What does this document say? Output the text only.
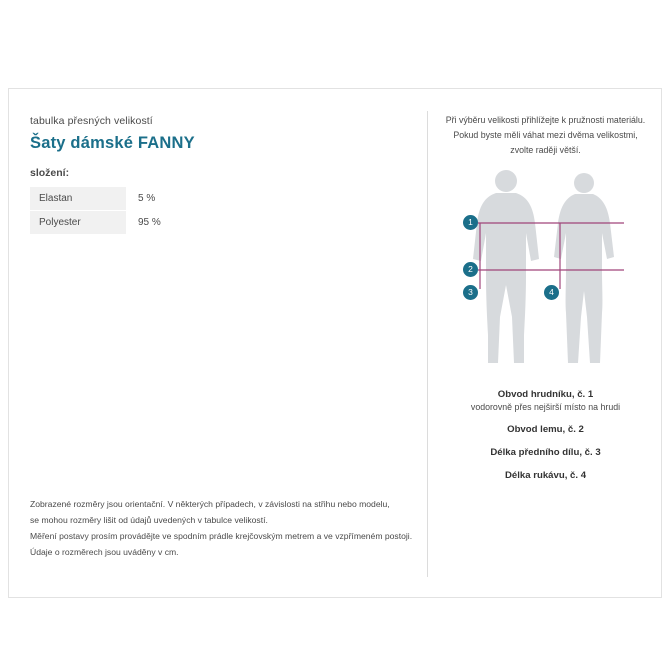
tabulka přesných velikostí
Šaty dámské FANNY
složení:
Elastan	5 %
Polyester	95 %
Zobrazené rozměry jsou orientační. V některých případech, v závislosti na střihu nebo modelu,
se mohou rozměry lišit od údajů uvedených v tabulce velikostí.
Měření postavy prosím provádějte ve spodním prádle krejčovským metrem a ve vzpřímeném postoji.
Údaje o rozměrech jsou uváděny v cm.
Při výběru velikosti přihlížejte k pružnosti materiálu.
Pokud byste měli váhat mezi dvěma velikostmi,
zvolte raději větší.
1
2
3	4
Obvod hrudníku, č. 1
vodorovně přes nejširší místo na hrudi
Obvod lemu, č. 2
Délka předního dílu, č. 3
Délka rukávu, č. 4
